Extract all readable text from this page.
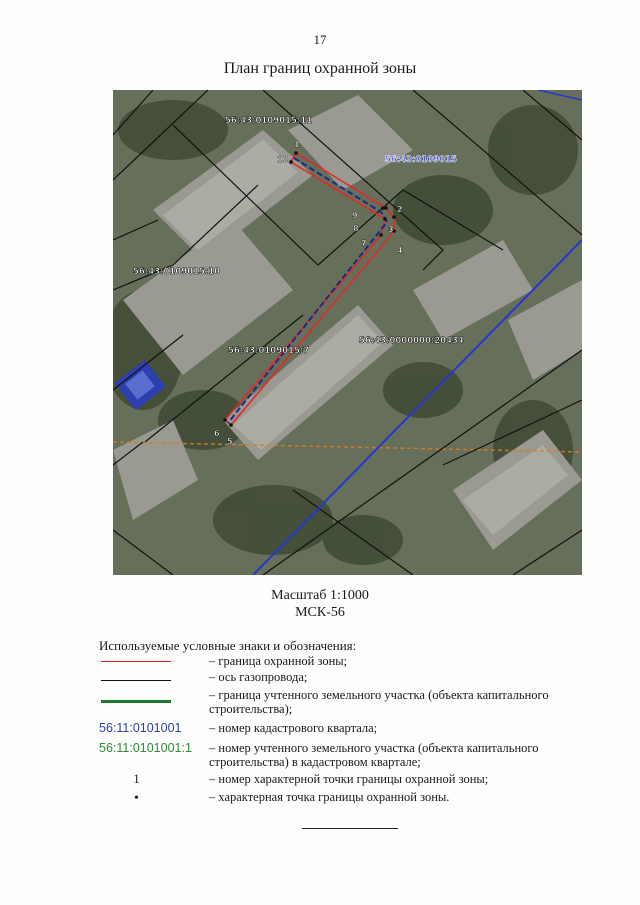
17
План границ охранной зоны
1
2
3
4
5
6
7
8
9
10
56:43:0109015:11
56:43:0109015:10
56:43:0109015:7
56:43:0000000:20434
56:43:0109015
Масштаб 1:1000
МСК-56
Используемые условные знаки и обозначения:
– граница охранной зоны;
– ось газопровода;
– граница учтенного земельного участка (объекта капитального строительства);
56:11:0101001 – номер кадастрового квартала;
56:11:0101001:1 – номер учтенного земельного участка (объекта капитального строительства) в кадастровом квартале;
1	– номер характерной точки границы охранной зоны;
•	– характерная точка границы охранной зоны.
